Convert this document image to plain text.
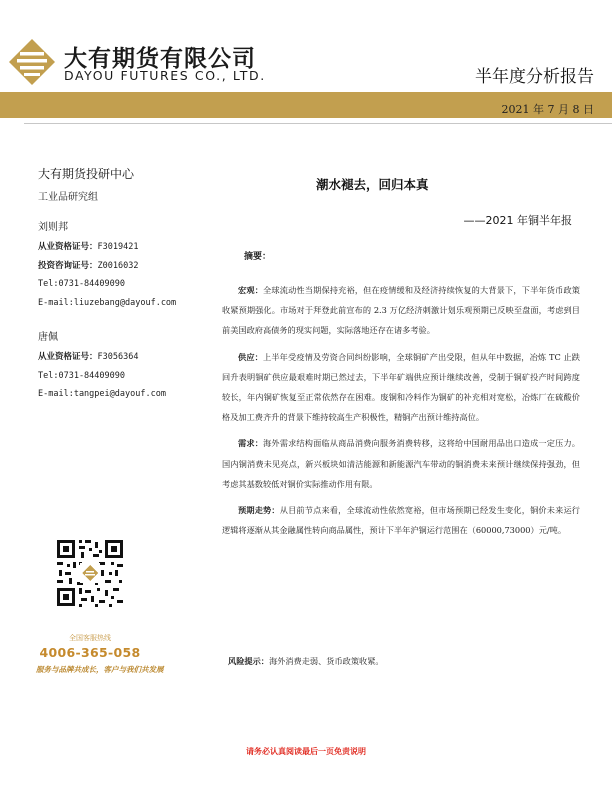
大有期货有限公司
DAYOU FUTURES CO., LTD.	半年度分析报告
2021 年 7 月 8 日
大有期货投研中心
工业品研究组
刘则邦
从业资格证号：F3019421
投资咨询证号：Z0016032
Tel:0731-84409090
E-mail:liuzebang@dayouf.com
唐佩
从业资格证号：F3056364
Tel:0731-84409090
E-mail:tangpei@dayouf.com
全国客服热线
4006-365-058
服务与品牌共成长，客户与我们共发展
潮水褪去，回归本真
——2021 年铜半年报
摘要：
宏观：全球流动性当期保持充裕，但在疫情缓和及经济持续恢复的大背景下，下半年货币政策收紧预期强化。市场对于拜登此前宣布的 2.3 万亿经济刺激计划乐观预期已反映至盘面，考虑到目前美国政府高债务的现实问题，实际落地还存在诸多考验。
供应：上半年受疫情及劳资合同纠纷影响，全球铜矿产出受限，但从年中数据，冶炼 TC 止跌回升表明铜矿供应最艰难时期已然过去，下半年矿端供应预计继续改善，受制于铜矿投产时间跨度较长，年内铜矿恢复至正常依然存在困难。废铜和冷料作为铜矿的补充相对宽松，冶炼厂在硫酸价格及加工费齐升的背景下维持较高生产积极性，精铜产出预计维持高位。
需求：海外需求结构面临从商品消费向服务消费转移，这将给中国耐用品出口造成一定压力。国内铜消费未见亮点，新兴板块如清洁能源和新能源汽车带动的铜消费未来预计继续保持强劲，但考虑其基数较低对铜价实际推动作用有限。
预期走势：从目前节点来看，全球流动性依然宽裕，但市场预期已经发生变化，铜价未来运行逻辑将逐渐从其金融属性转向商品属性，预计下半年沪铜运行范围在（60000,73000）元/吨。
风险提示：海外消费走弱、货币政策收紧。
请务必认真阅读最后一页免责说明
